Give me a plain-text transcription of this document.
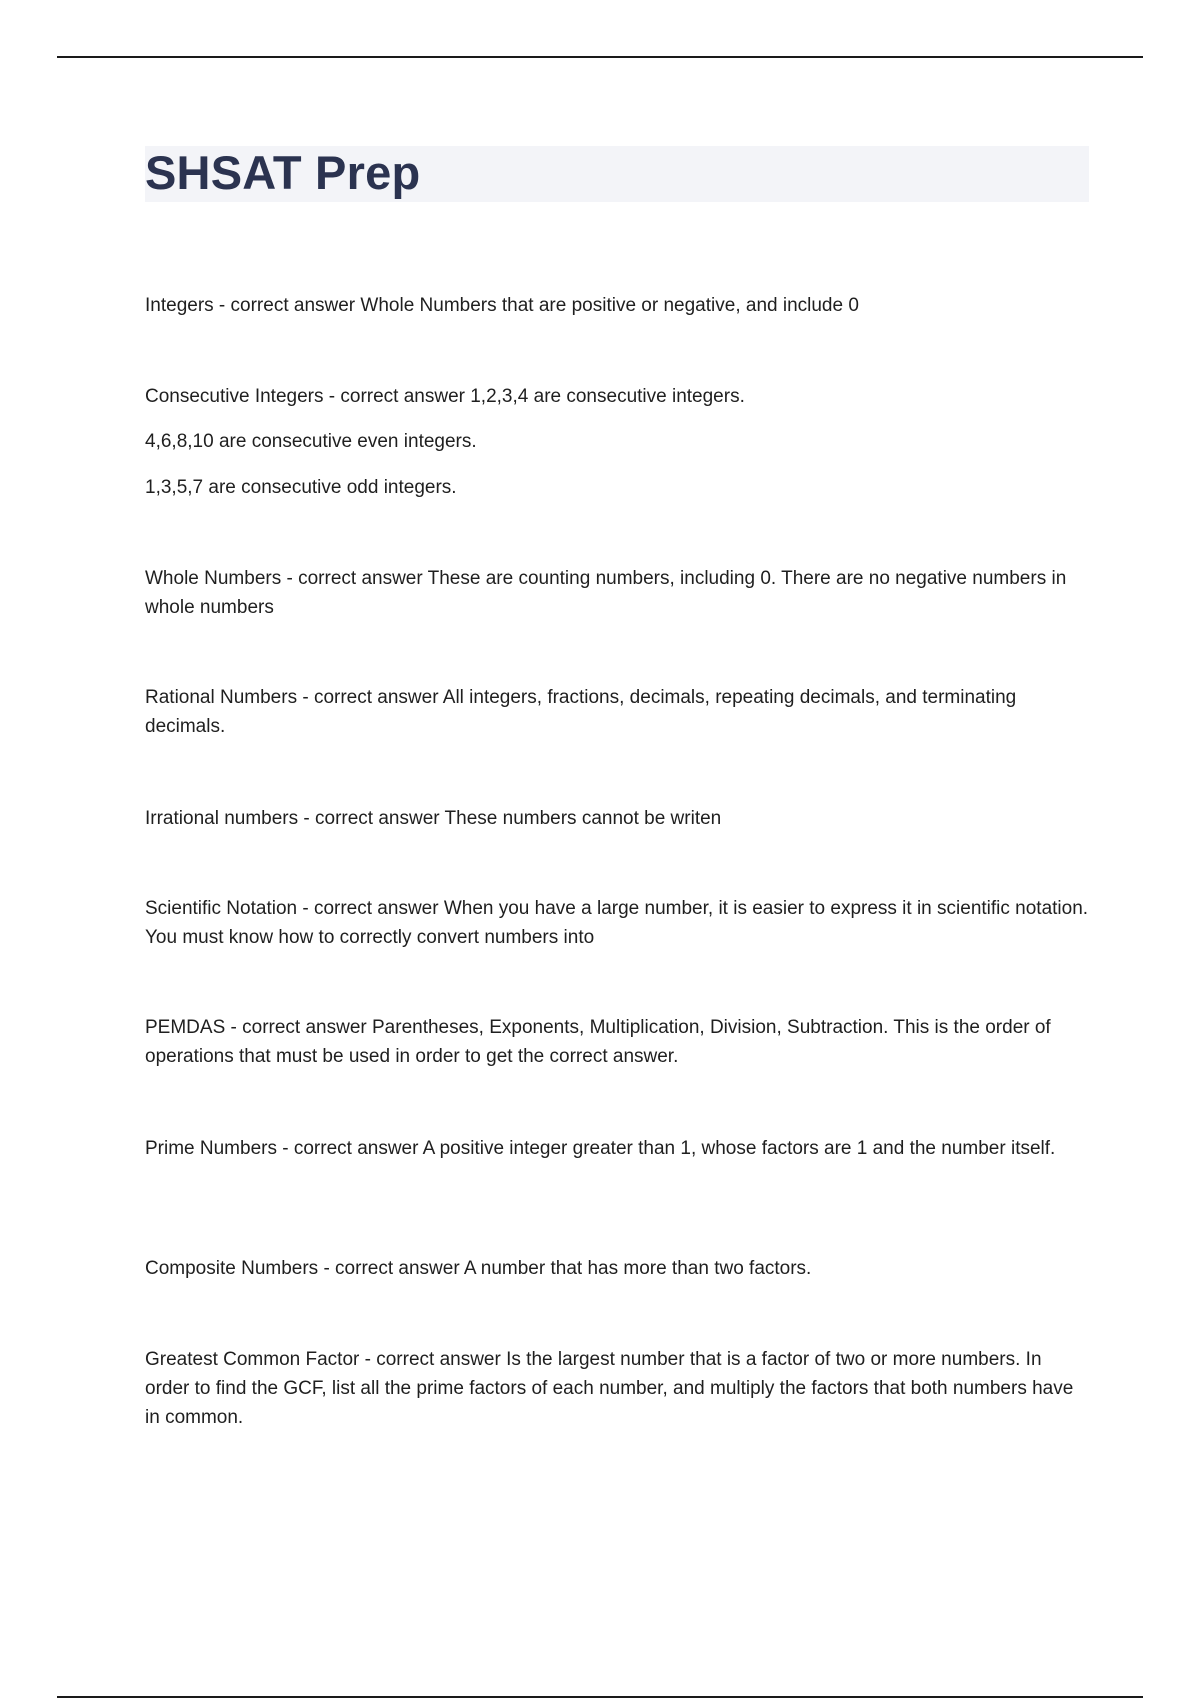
SHSAT Prep

Integers - correct answer Whole Numbers that are positive or negative, and include 0

Consecutive Integers - correct answer 1,2,3,4 are consecutive integers.

4,6,8,10 are consecutive even integers.

1,3,5,7 are consecutive odd integers.

Whole Numbers - correct answer These are counting numbers, including 0. There are no negative numbers in whole numbers

Rational Numbers - correct answer All integers, fractions, decimals, repeating decimals, and terminating decimals.

Irrational numbers - correct answer These numbers cannot be writen

Scientific Notation - correct answer When you have a large number, it is easier to express it in scientific notation. You must know how to correctly convert numbers into

PEMDAS - correct answer Parentheses, Exponents, Multiplication, Division, Subtraction. This is the order of operations that must be used in order to get the correct answer.

Prime Numbers - correct answer A positive integer greater than 1, whose factors are 1 and the number itself.

Composite Numbers - correct answer A number that has more than two factors.

Greatest Common Factor - correct answer Is the largest number that is a factor of two or more numbers. In order to find the GCF, list all the prime factors of each number, and multiply the factors that both numbers have in common.
